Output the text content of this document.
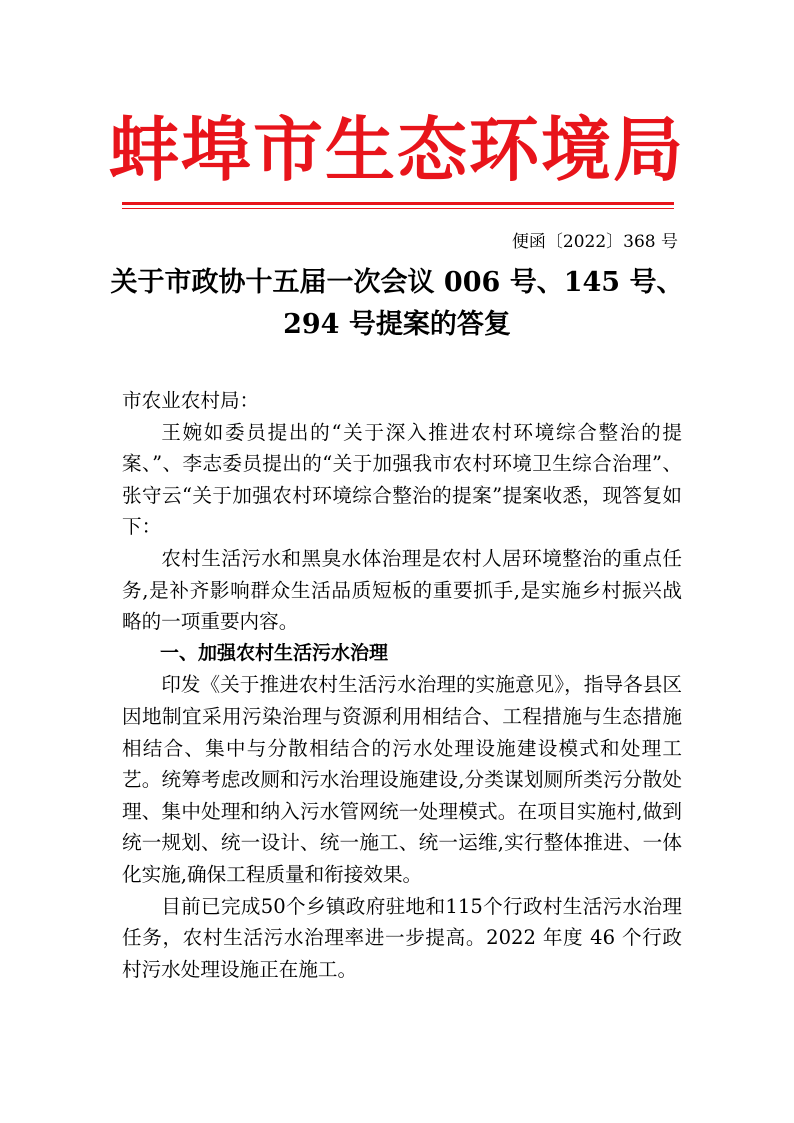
蚌埠市生态环境局
便函〔2022〕368 号
关于市政协十五届一次会议 006 号、145 号、
294 号提案的答复

市农业农村局：

王婉如委员提出的“关于深入推进农村环境综合整治的提案、”、李志委员提出的“关于加强我市农村环境卫生综合治理”、张守云“关于加强农村环境综合整治的提案”提案收悉，现答复如下：

农村生活污水和黑臭水体治理是农村人居环境整治的重点任务,是补齐影响群众生活品质短板的重要抓手,是实施乡村振兴战略的一项重要内容。

一、加强农村生活污水治理

印发《关于推进农村生活污水治理的实施意见》，指导各县区因地制宜采用污染治理与资源利用相结合、工程措施与生态措施相结合、集中与分散相结合的污水处理设施建设模式和处理工艺。统筹考虑改厕和污水治理设施建设,分类谋划厕所类污分散处理、集中处理和纳入污水管网统一处理模式。在项目实施村,做到统一规划、统一设计、统一施工、统一运维,实行整体推进、一体化实施,确保工程质量和衔接效果。

目前已完成50个乡镇政府驻地和115个行政村生活污水治理任务，农村生活污水治理率进一步提高。2022 年度 46 个行政村污水处理设施正在施工。
